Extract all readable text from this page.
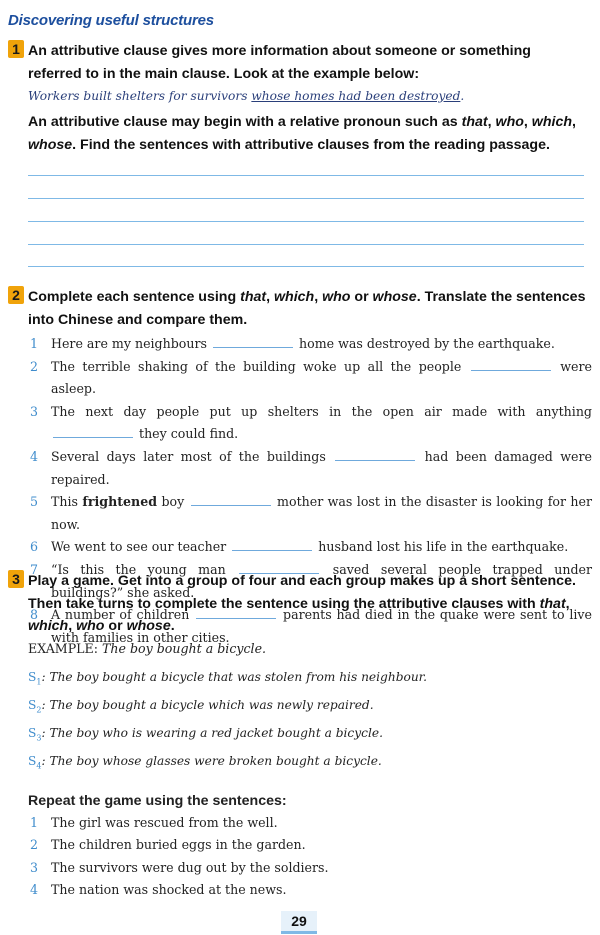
Discovering useful structures
1 An attributive clause gives more information about someone or something
referred to in the main clause. Look at the example below:
Workers built shelters for survivors whose homes had been destroyed.
An attributive clause may begin with a relative pronoun such as that, who, which,
whose. Find the sentences with attributive clauses from the reading passage.
2 Complete each sentence using that, which, who or whose. Translate the sentences
into Chinese and compare them.
1	Here are my neighbours	home was destroyed by the earthquake.
2	The terrible shaking of the building woke up all the people	were asleep.
3	The next day people put up shelters in the open air made with anything  they could find.
4	Several days later most of the buildings	had been damaged were repaired.
5	This frightened boy	mother was lost in the disaster is looking for her now.
6	We went to see our teacher	husband lost his life in the earthquake.
7	“Is this the young man	saved several people trapped under buildings?” she asked.
8	A number of children	parents had died in the quake were sent to live with families in other cities.
3 Play a game. Get into a group of four and each group makes up a short sentence.
Then take turns to complete the sentence using the attributive clauses with that,
which, who or whose.
EXAMPLE: The boy bought a bicycle.
$S_1$: The boy bought a bicycle that was stolen from his neighbour.
$S_2$: The boy bought a bicycle which was newly repaired.
$S_3$: The boy who is wearing a red jacket bought a bicycle.
$S_4$: The boy whose glasses were broken bought a bicycle.
Repeat the game using the sentences:
1	The girl was rescued from the well.
2	The children buried eggs in the garden.
3	The survivors were dug out by the soldiers.
4	The nation was shocked at the news.
29
